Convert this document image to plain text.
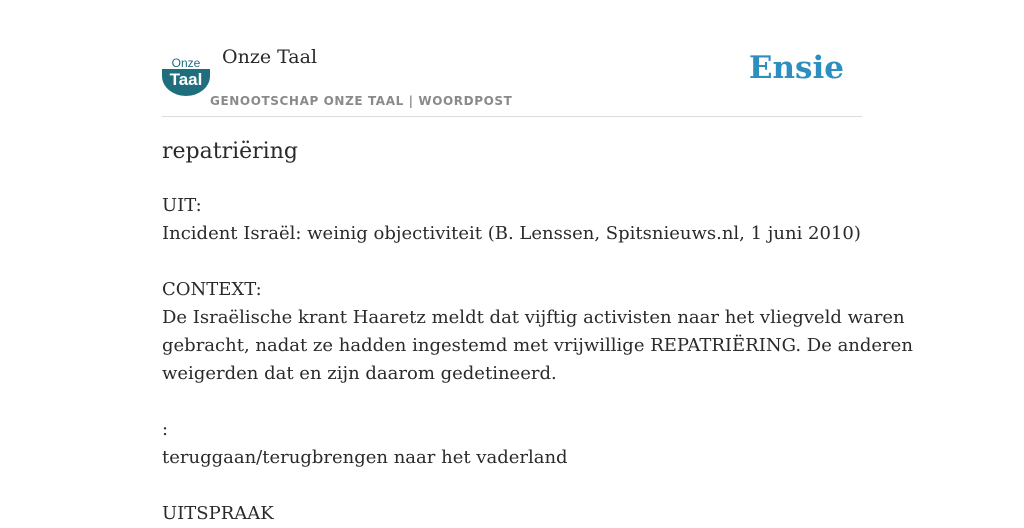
Onze
Taal
Onze Taal
GENOOTSCHAP ONZE TAAL | WOORDPOST
Ensie
repatriëring
UIT:
Incident Israël: weinig objectiviteit (B. Lenssen, Spitsnieuws.nl, 1 juni 2010)
CONTEXT:
De Israëlische krant Haaretz meldt dat vijftig activisten naar het vliegveld waren
gebracht, nadat ze hadden ingestemd met vrijwillige REPATRIËRING. De anderen
weigerden dat en zijn daarom gedetineerd.
:
teruggaan/terugbrengen naar het vaderland
UITSPRAAK
